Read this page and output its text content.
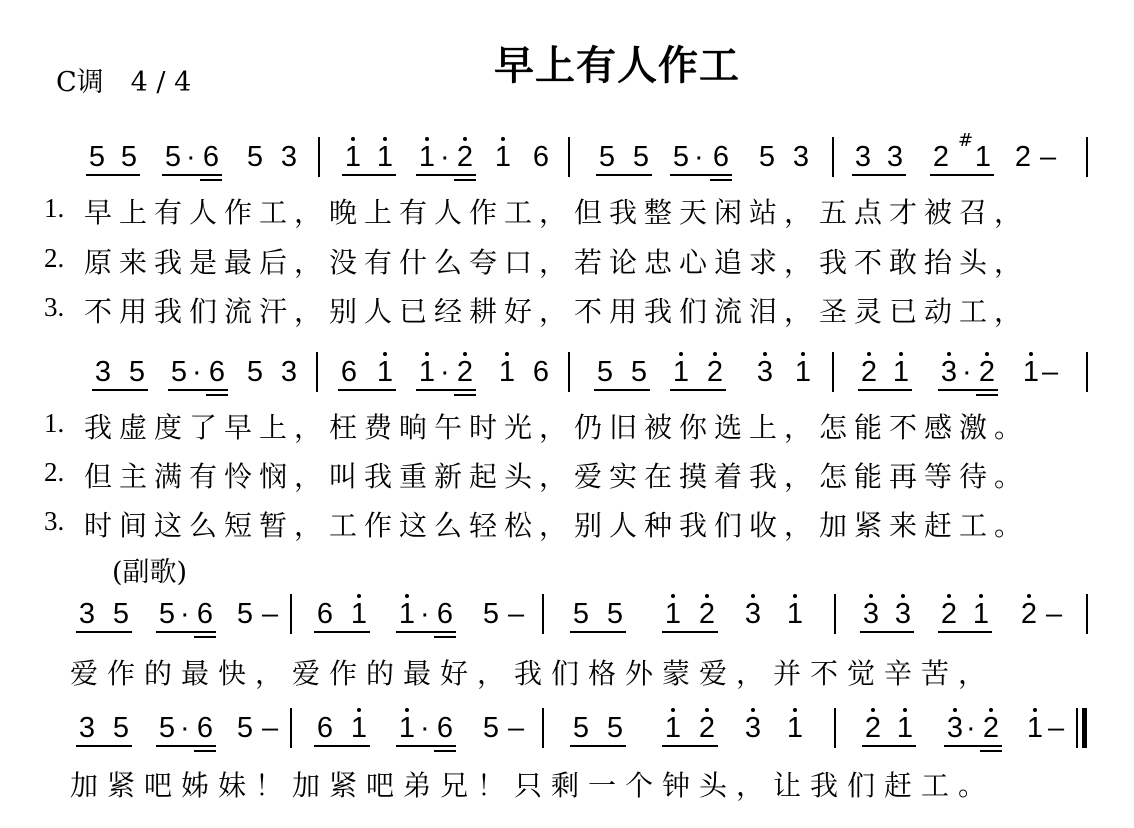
早上有人作工
C调　4 / 4
5 5 5 · 6 5 3 1 1 1 · 2 1 6 5 5 5 · 6 5 3 3 3 2
#
1 2 –
1. 早上有人作工，晚上有人作工，但我整天闲站，五点才被召，
2. 原来我是最后，没有什么夸口，若论忠心追求，我不敢抬头，
3. 不用我们流汗，别人已经耕好，不用我们流泪，圣灵已动工，
3 5 5 · 6 5 3 6 1 1 · 2 1 6 5 5 1 2 3 1 2 1 3 · 2 1 –
1. 我虚度了早上，枉费晌午时光，仍旧被你选上，怎能不感激。
2. 但主满有怜悯，叫我重新起头，爱实在摸着我，怎能再等待。
3. 时间这么短暂，工作这么轻松，别人种我们收，加紧来赶工。
(副歌)
3 5 5 · 6 5 – 6 1 1 · 6 5 – 5 5 1 2 3 1 3 3 2 1 2 –
爱作的最快，爱作的最好，我们格外蒙爱，并不觉辛苦，
3 5 5 · 6 5 – 6 1 1 · 6 5 – 5 5 1 2 3 1 2 1 3 · 2 1 –
加紧吧姊妹！加紧吧弟兄！只剩一个钟头，让我们赶工。
